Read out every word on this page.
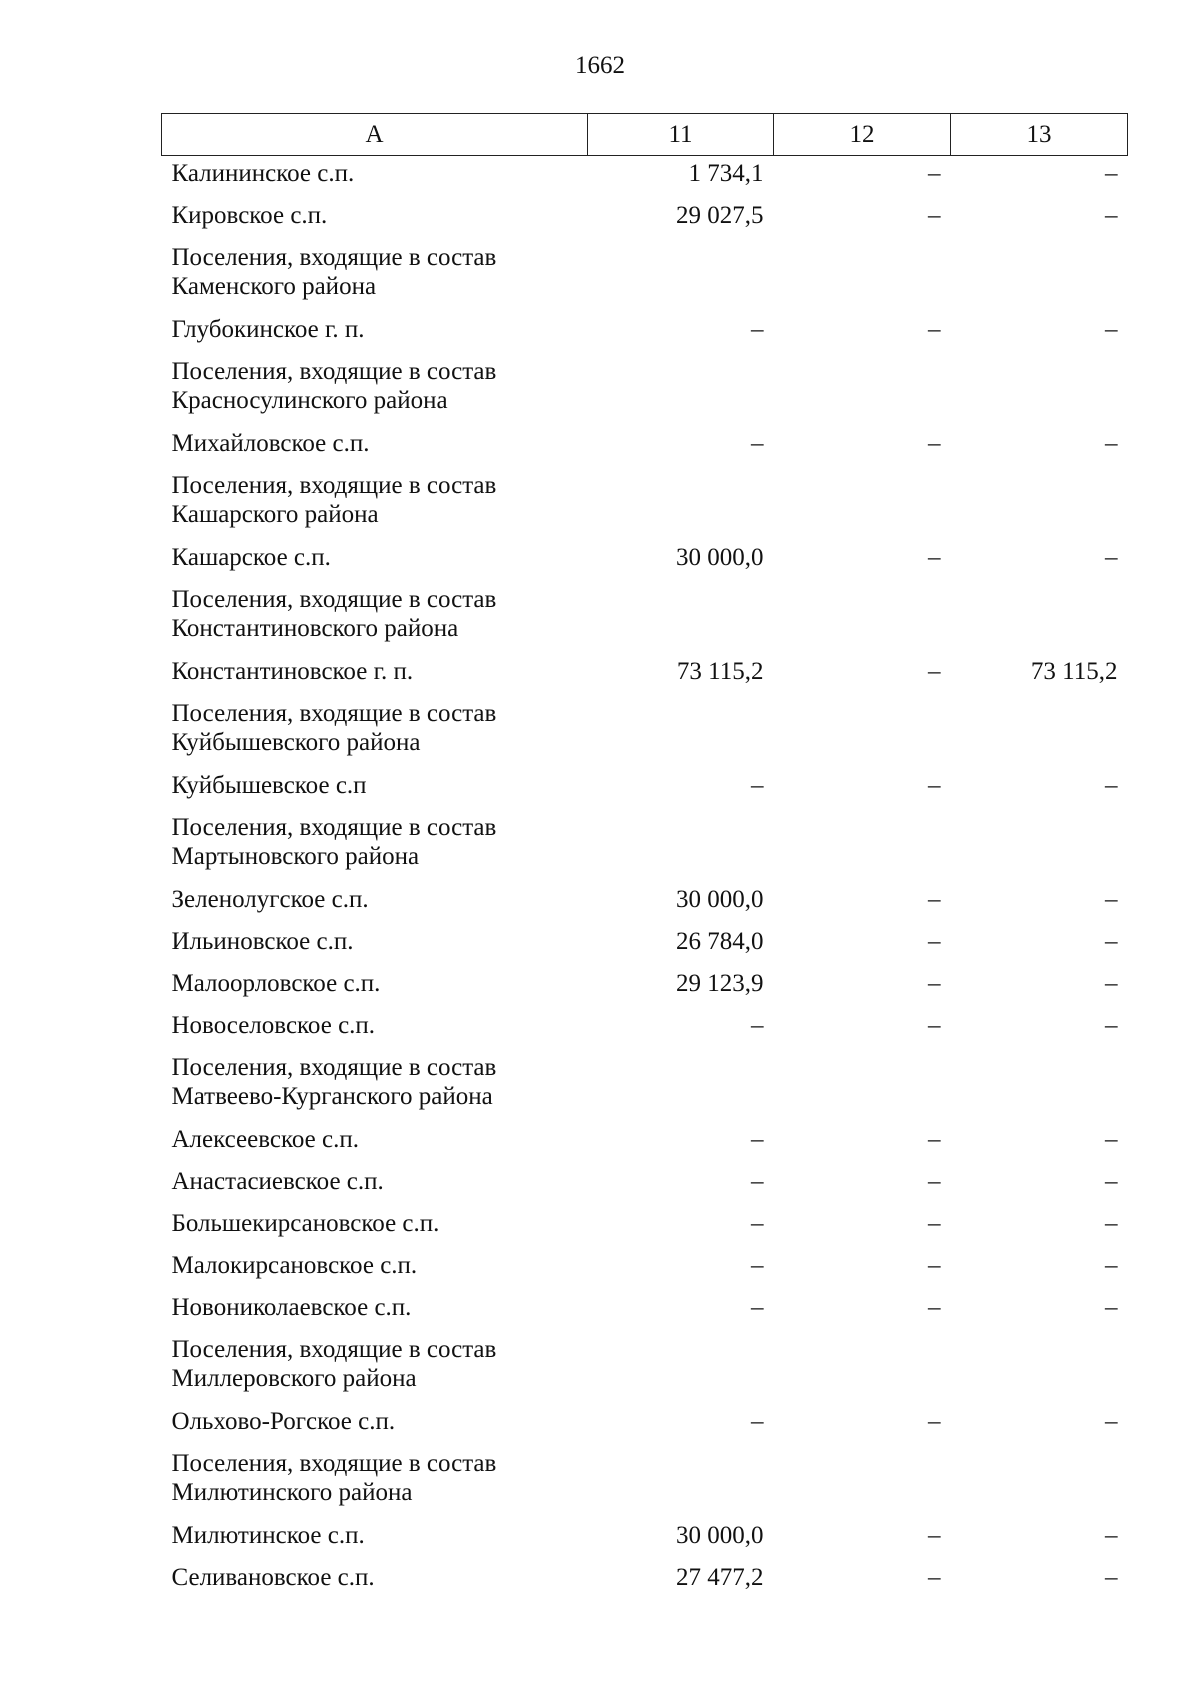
1662
А	11	12	13
Калининское с.п.	1 734,1	–	–
Кировское с.п.	29 027,5	–	–
Поселения, входящие в состав Каменского района			
Глубокинское г. п.	–	–	–
Поселения, входящие в состав Красносулинского района			
Михайловское с.п.	–	–	–
Поселения, входящие в состав Кашарского района			
Кашарское с.п.	30 000,0	–	–
Поселения, входящие в состав Константиновского района			
Константиновское г. п.	73 115,2	–	73 115,2
Поселения, входящие в состав Куйбышевского района			
Куйбышевское с.п	–	–	–
Поселения, входящие в состав Мартыновского района			
Зеленолугское с.п.	30 000,0	–	–
Ильиновское с.п.	26 784,0	–	–
Малоорловское с.п.	29 123,9	–	–
Новоселовское с.п.	–	–	–
Поселения, входящие в состав Матвеево-Курганского района			
Алексеевское с.п.	–	–	–
Анастасиевское с.п.	–	–	–
Большекирсановское с.п.	–	–	–
Малокирсановское с.п.	–	–	–
Новониколаевское с.п.	–	–	–
Поселения, входящие в состав Миллеровского района			
Ольхово-Рогское с.п.	–	–	–
Поселения, входящие в состав Милютинского района			
Милютинское с.п.	30 000,0	–	–
Селивановское с.п.	27 477,2	–	–
